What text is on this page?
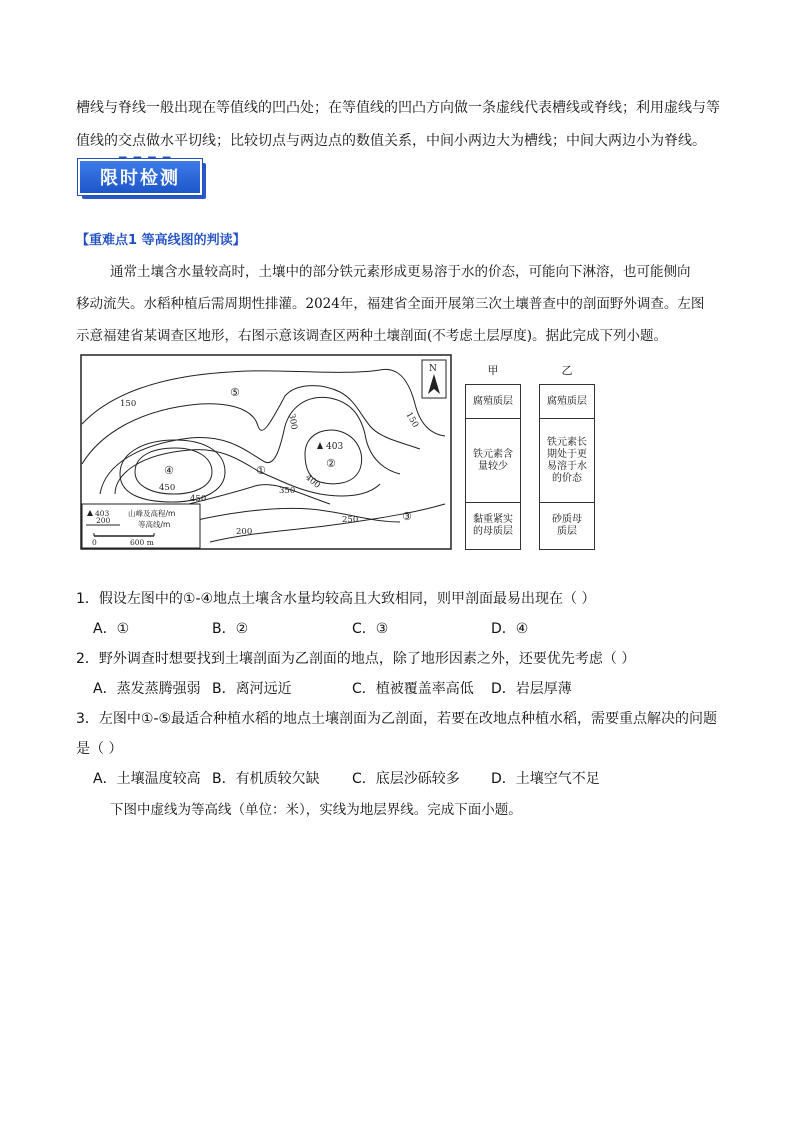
槽线与脊线一般出现在等值线的凹凸处；在等值线的凹凸方向做一条虚线代表槽线或脊线；利用虚线与等
值线的交点做水平切线；比较切点与两边点的数值关系，中间小两边大为槽线；中间大两边小为脊线。
限时检测
【重难点1 等高线图的判读】
通常土壤含水量较高时，土壤中的部分铁元素形成更易溶于水的价态，可能向下淋溶，也可能侧向
移动流失。水稻种植后需周期性排灌。2024年，福建省全面开展第三次土壤普查中的剖面野外调查。左图
示意福建省某调查区地形，右图示意该调查区两种土壤剖面(不考虑土层厚度)。据此完成下列小题。
150
300	150
450
450
400
350
250
200
403
⑤
④	①
②
③
N
403 山峰及高程/m
200	等高线/m
0	600 m
甲
腐殖质层
铁元素含量较少
黏重紧实的母质层
乙
腐殖质层
铁元素长期处于更易溶于水的价态
砂质母质层
1．假设左图中的①-④地点土壤含水量均较高且大致相同，则甲剖面最易出现在（ ）
A．①	B．②	C．③	D．④
2．野外调查时想要找到土壤剖面为乙剖面的地点，除了地形因素之外，还要优先考虑（ ）
A．蒸发蒸腾强弱 B．离河远近	C．植被覆盖率高低 D．岩层厚薄
3．左图中①-⑤最适合种植水稻的地点土壤剖面为乙剖面，若要在改地点种植水稻，需要重点解决的问题
是（ ）
A．土壤温度较高 B．有机质较欠缺 C．底层沙砾较多 D．土壤空气不足
下图中虚线为等高线（单位：米），实线为地层界线。完成下面小题。
